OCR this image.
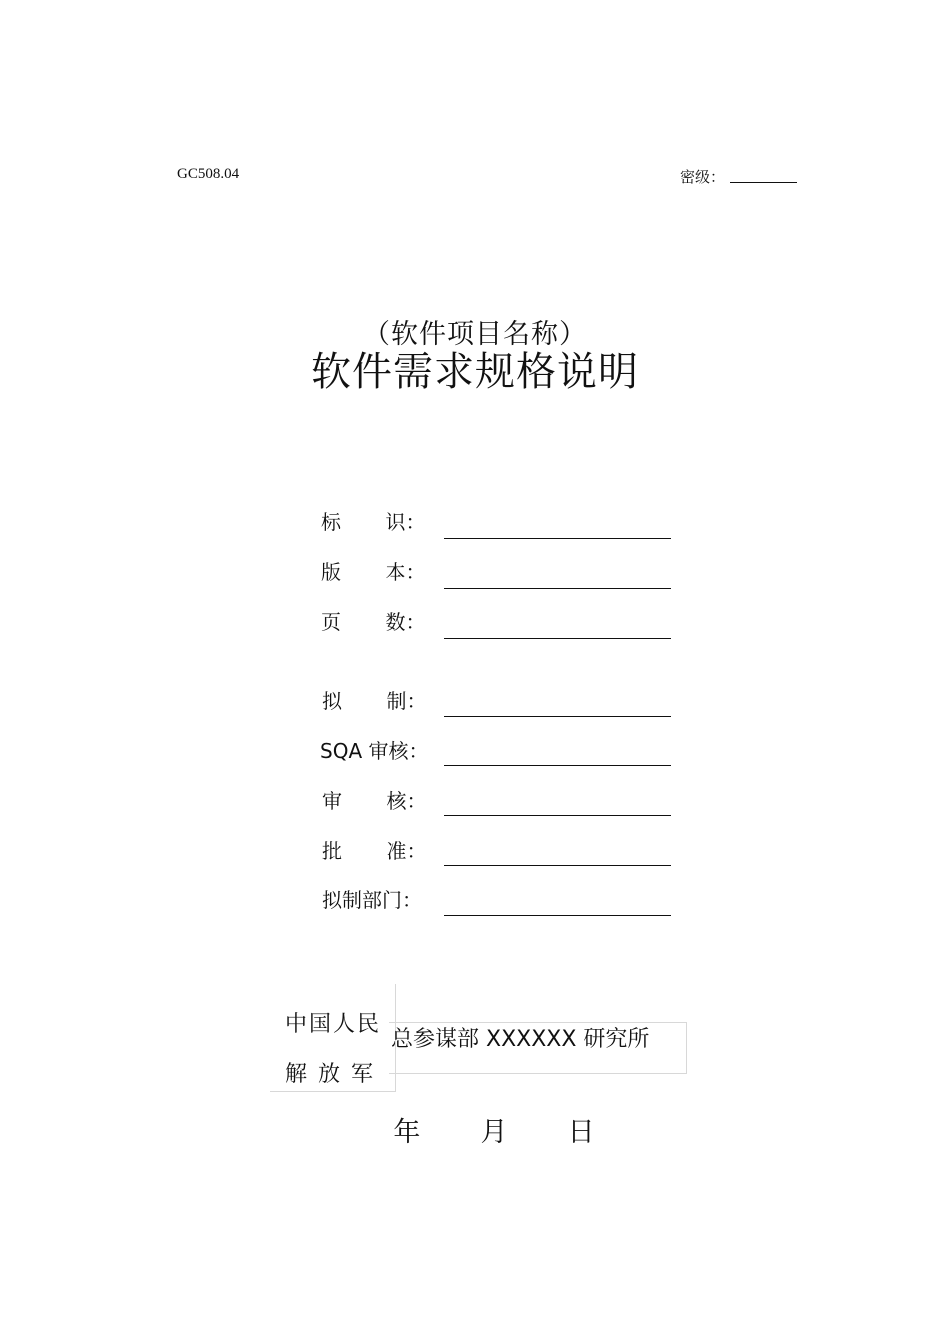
GC508.04	密级：
（软件项目名称）
软件需求规格说明
标       识：
版       本：
页       数：
拟       制：
SQA 审核：
审       核：
批       准：
拟制部门：
中国人民
解 放 军
总参谋部 XXXXXX 研究所
年       月       日
